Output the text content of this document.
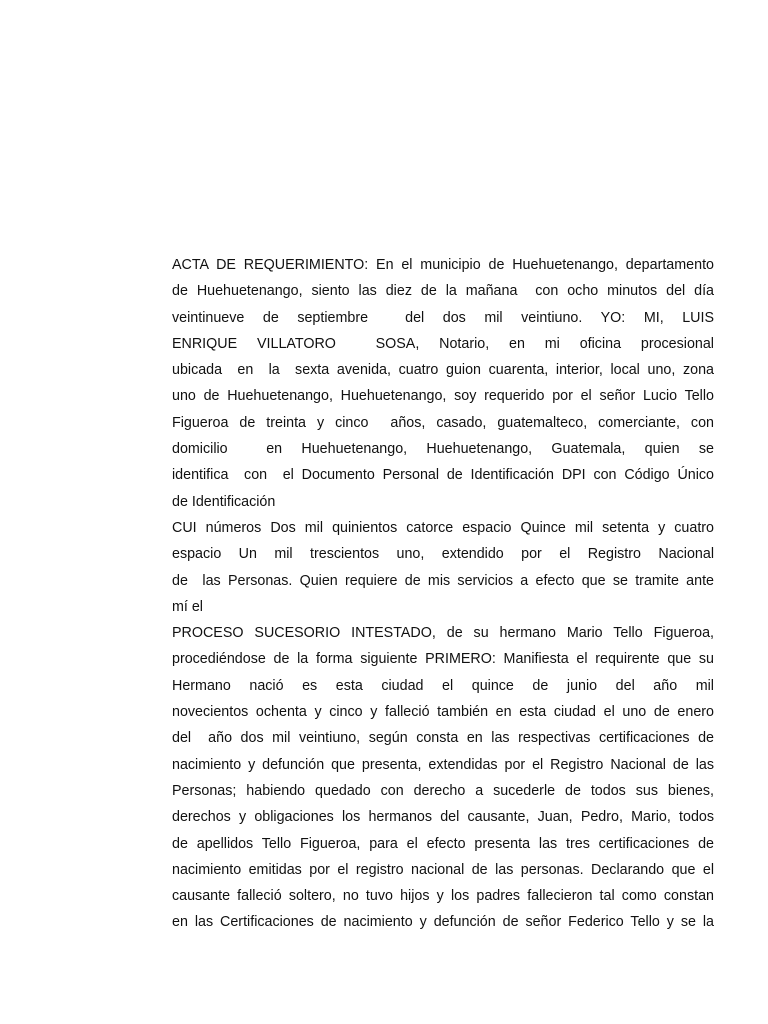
ACTA DE REQUERIMIENTO: En el municipio de Huehuetenango, departamento
de Huehuetenango, siento las diez de la mañana  con ocho minutos del día
veintinueve de septiembre  del dos mil veintiuno. YO: MI, LUIS
ENRIQUE VILLATORO  SOSA, Notario, en mi oficina procesional
ubicada  en  la  sexta avenida, cuatro guion cuarenta, interior, local uno, zona
uno de Huehuetenango, Huehuetenango, soy requerido por el señor Lucio Tello
Figueroa de treinta y cinco  años, casado, guatemalteco, comerciante, con
domicilio  en Huehuetenango, Huehuetenango, Guatemala, quien se
identifica  con  el Documento Personal de Identificación DPI con Código Único
de Identificación
CUI números Dos mil quinientos catorce espacio Quince mil setenta y cuatro
espacio Un mil trescientos uno, extendido por el Registro Nacional
de  las Personas. Quien requiere de mis servicios a efecto que se tramite ante
mí el
PROCESO SUCESORIO INTESTADO, de su hermano Mario Tello Figueroa,
procediéndose de la forma siguiente PRIMERO: Manifiesta el requirente que su
Hermano nació es esta ciudad el quince de junio del año mil
novecientos ochenta y cinco y falleció también en esta ciudad el uno de enero
del  año dos mil veintiuno, según consta en las respectivas certificaciones de
nacimiento y defunción que presenta, extendidas por el Registro Nacional de las
Personas; habiendo quedado con derecho a sucederle de todos sus bienes,
derechos y obligaciones los hermanos del causante, Juan, Pedro, Mario, todos
de apellidos Tello Figueroa, para el efecto presenta las tres certificaciones de
nacimiento emitidas por el registro nacional de las personas. Declarando que el
causante falleció soltero, no tuvo hijos y los padres fallecieron tal como constan
en las Certificaciones de nacimiento y defunción de señor Federico Tello y se la
